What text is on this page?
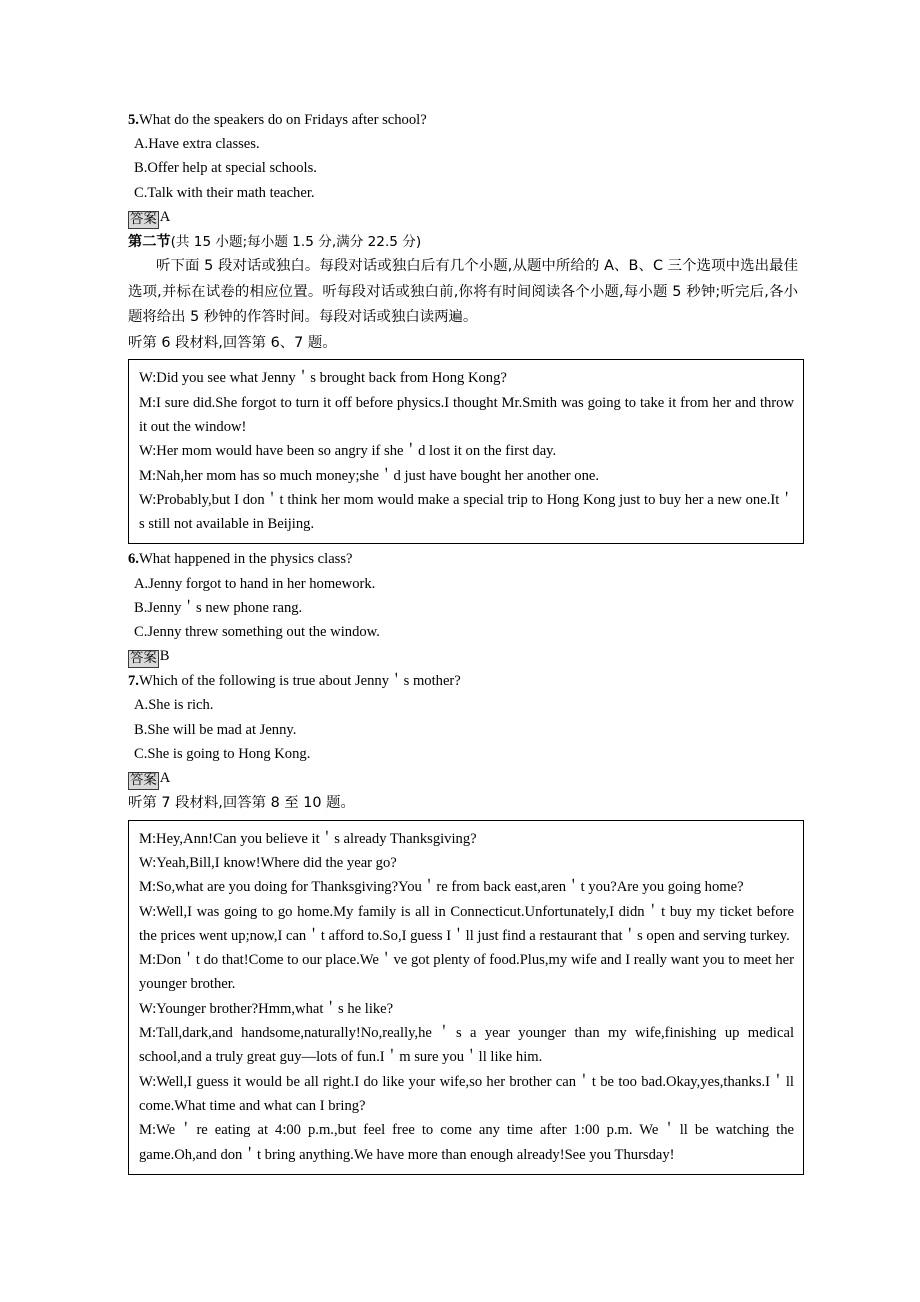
5.What do the speakers do on Fridays after school?
A.Have extra classes.
B.Offer help at special schools.
C.Talk with their math teacher.
答案 A
第二节(共 15 小题;每小题 1.5 分,满分 22.5 分)
听下面 5 段对话或独白。每段对话或独白后有几个小题,从题中所给的 A、B、C 三个选项中选出最佳选项,并标在试卷的相应位置。听每段对话或独白前,你将有时间阅读各个小题,每小题 5 秒钟;听完后,各小题将给出 5 秒钟的作答时间。每段对话或独白读两遍。
听第 6 段材料,回答第 6、7 题。
W:Did you see what Jenny＇s brought back from Hong Kong?
M:I sure did.She forgot to turn it off before physics.I thought Mr.Smith was going to take it from her and throw it out the window!
W:Her mom would have been so angry if she＇d lost it on the first day.
M:Nah,her mom has so much money;she＇d just have bought her another one.
W:Probably,but I don＇t think her mom would make a special trip to Hong Kong just to buy her a new one.It＇s still not available in Beijing.
6.What happened in the physics class?
A.Jenny forgot to hand in her homework.
B.Jenny＇s new phone rang.
C.Jenny threw something out the window.
答案 B
7.Which of the following is true about Jenny＇s mother?
A.She is rich.
B.She will be mad at Jenny.
C.She is going to Hong Kong.
答案 A
听第 7 段材料,回答第 8 至 10 题。
M:Hey,Ann!Can you believe it＇s already Thanksgiving?
W:Yeah,Bill,I know!Where did the year go?
M:So,what are you doing for Thanksgiving?You＇re from back east,aren＇t you?Are you going home?
W:Well,I was going to go home.My family is all in Connecticut.Unfortunately,I didn＇t buy my ticket before the prices went up;now,I can＇t afford to.So,I guess I＇ll just find a restaurant that＇s open and serving turkey.
M:Don＇t do that!Come to our place.We＇ve got plenty of food.Plus,my wife and I really want you to meet her younger brother.
W:Younger brother?Hmm,what＇s he like?
M:Tall,dark,and handsome,naturally!No,really,he＇s a year younger than my wife,finishing up medical school,and a truly great guy—lots of fun.I＇m sure you＇ll like him.
W:Well,I guess it would be all right.I do like your wife,so her brother can＇t be too bad.Okay,yes,thanks.I＇ll come.What time and what can I bring?
M:We＇re eating at 4:00 p.m.,but feel free to come any time after 1:00 p.m. We＇ll be watching the game.Oh,and don＇t bring anything.We have more than enough already!See you Thursday!
